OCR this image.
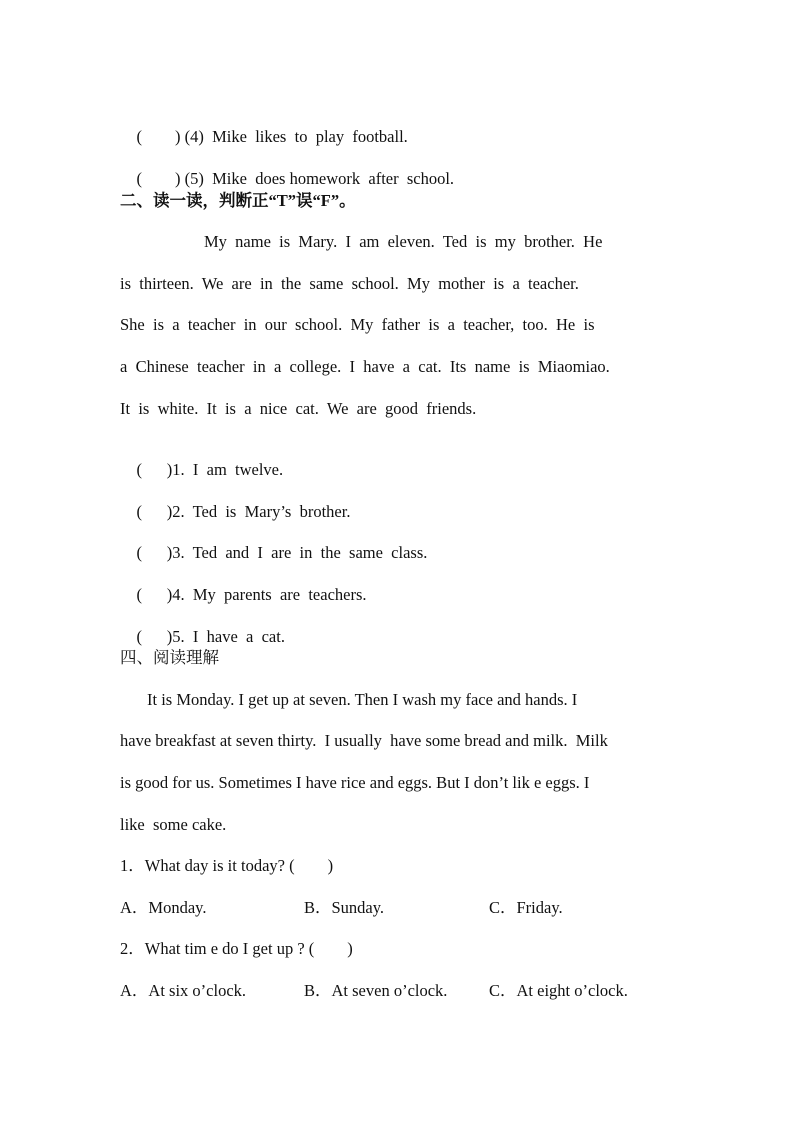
(        ) (4)  Mike  likes  to  play  football.

(        ) (5)  Mike  does homework  after  school.

二、读一读，判断正“T”误“F”。
My  name  is  Mary.  I  am  eleven.  Ted  is  my  brother.  He
is  thirteen.  We  are  in  the  same  school.  My  mother  is  a  teacher.
She  is  a  teacher  in  our  school.  My  father  is  a  teacher,  too.  He  is
a  Chinese  teacher  in  a  college.  I  have  a  cat.  Its  name  is  Miaomiao.
It  is  white.  It  is  a  nice  cat.  We  are  good  friends.

(      )1.  I  am  twelve.

(      )2.  Ted  is  Mary’s  brother.

(      )3.  Ted  and  I  are  in  the  same  class.

(      )4.  My  parents  are  teachers.

(      )5.  I  have  a  cat.

四、阅读理解
It is Monday. I get up at seven. Then I wash my face and hands. I
have breakfast at seven thirty.  I usually  have some bread and milk.  Milk
is good for us. Sometimes I have rice and eggs. But I don’t lik e eggs. I
like  some cake.
1．What day is it today? (        )
A．Monday.	B．Sunday.	C．Friday.
2．What tim e do I get up ? (        )
A．At six o’clock.	B．At seven o’clock.	C．At eight o’clock.
